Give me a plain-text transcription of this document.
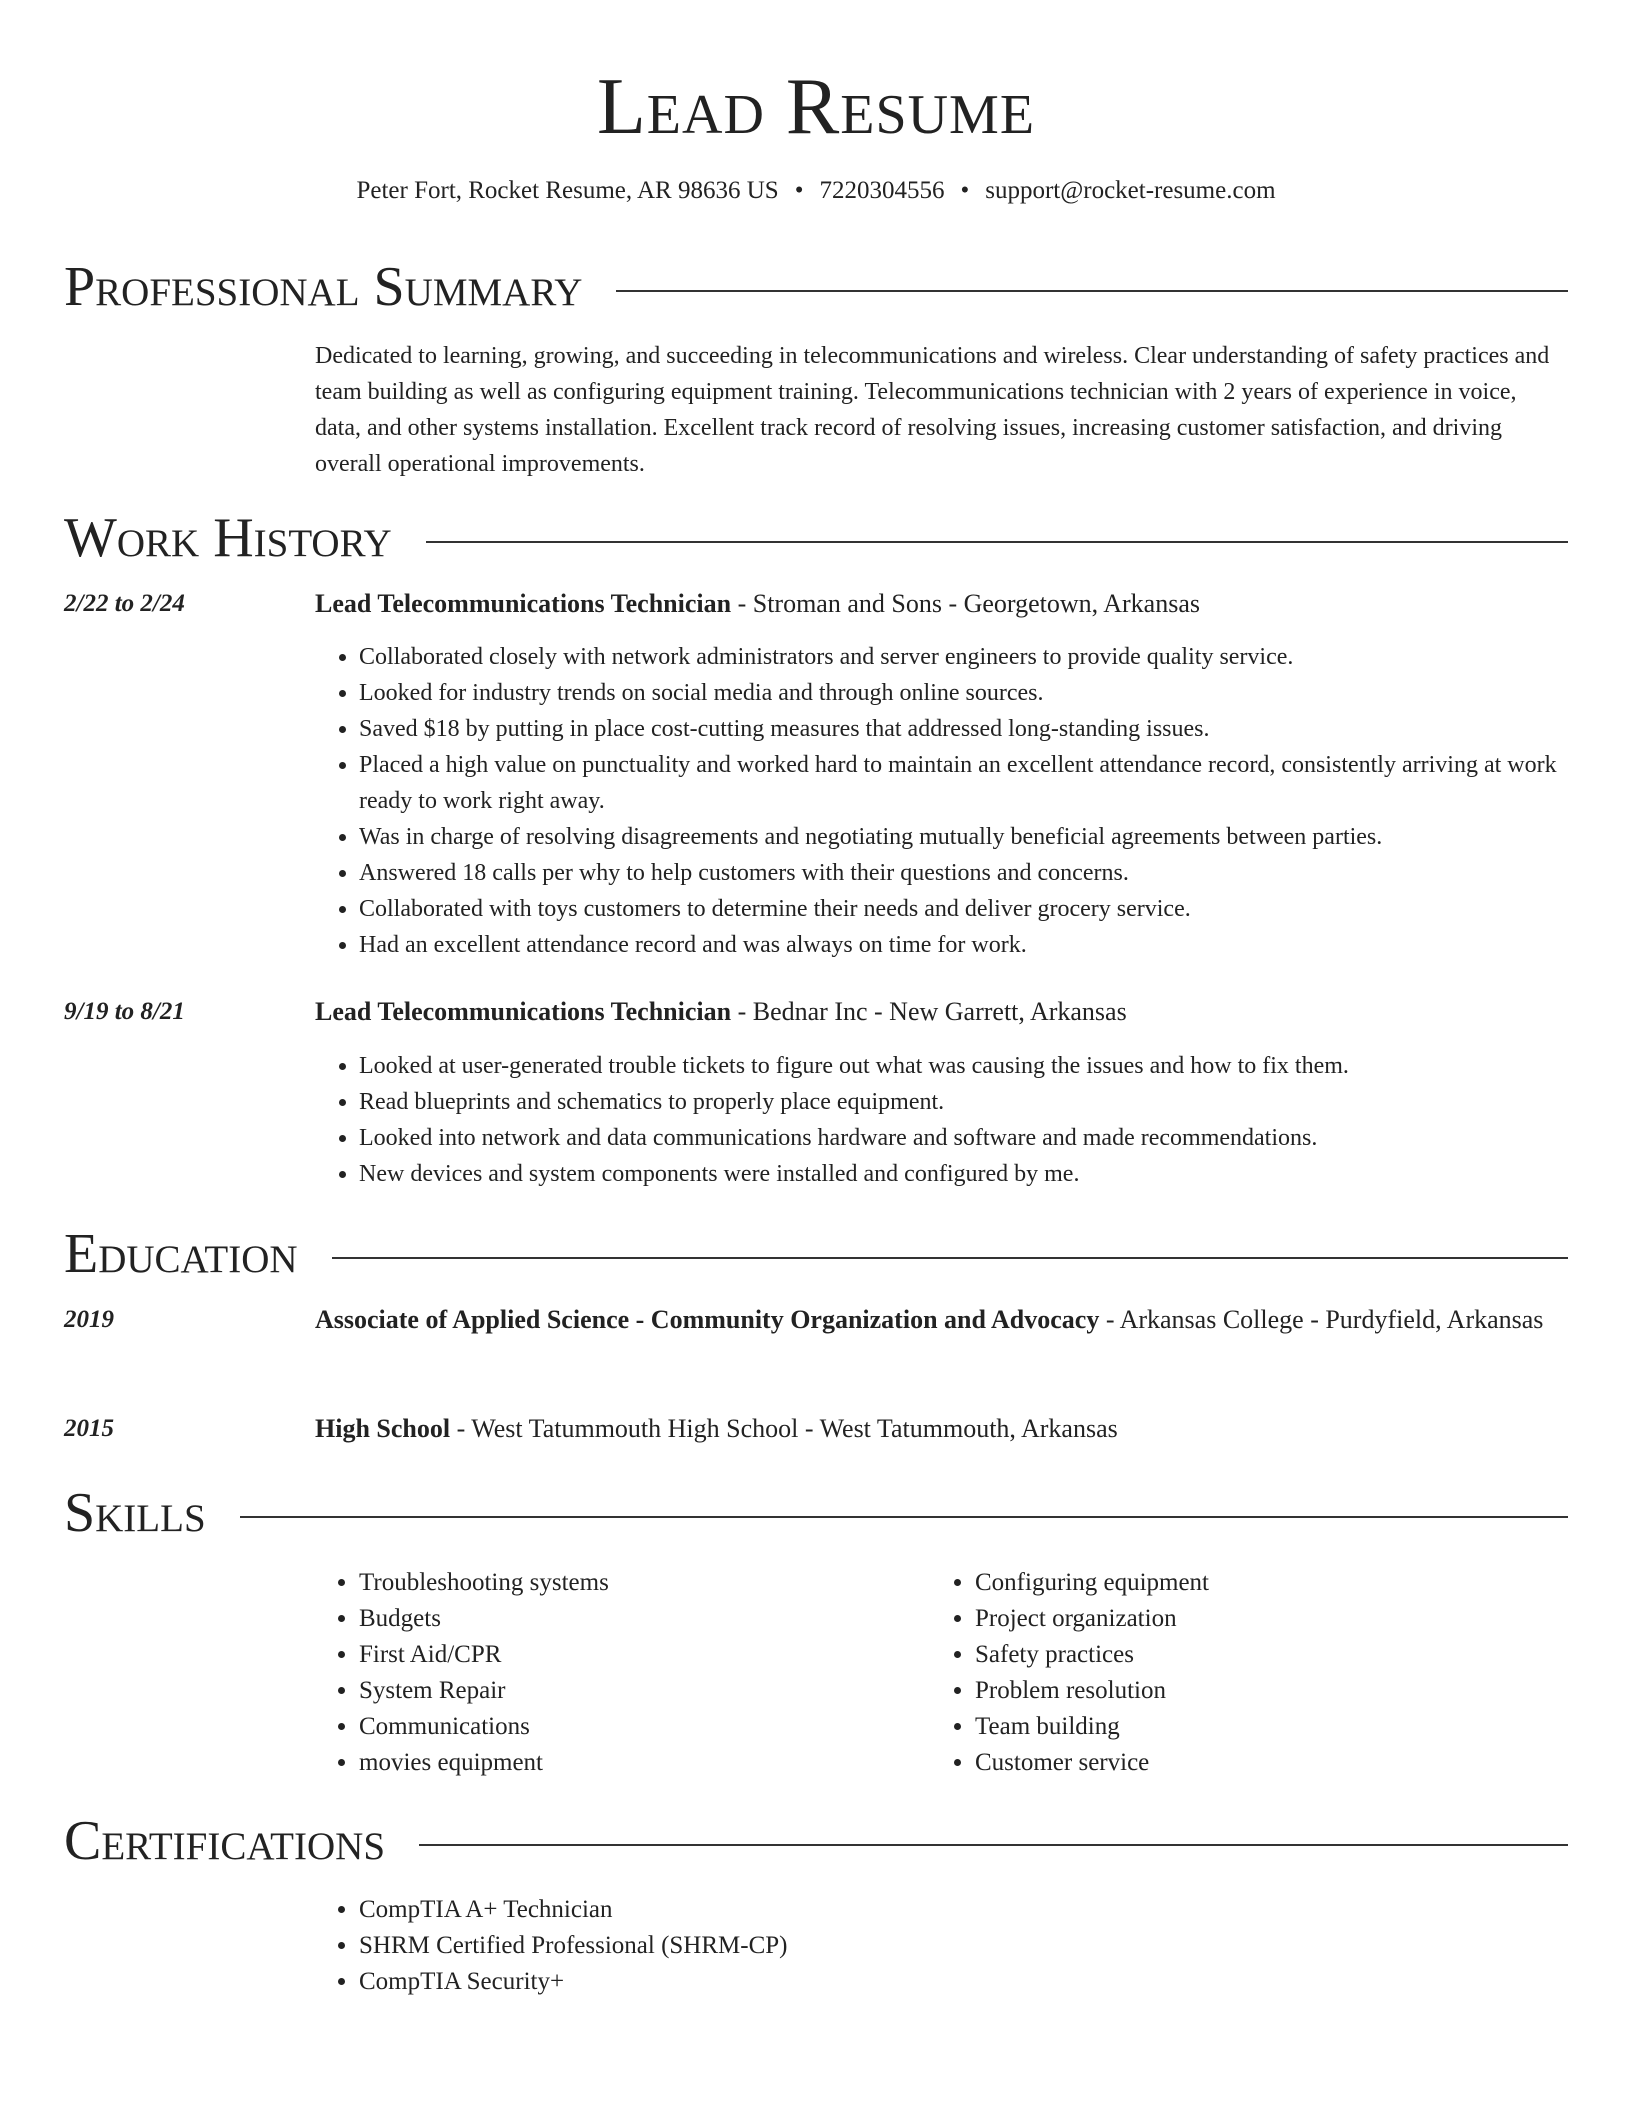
Lead Resume
Peter Fort, Rocket Resume, AR 98636 US • 7220304556 • support@rocket-resume.com
Professional Summary

Dedicated to learning, growing, and succeeding in telecommunications and wireless. Clear understanding of safety practices and team building as well as configuring equipment training. Telecommunications technician with 2 years of experience in voice, data, and other systems installation. Excellent track record of resolving issues, increasing customer satisfaction, and driving overall operational improvements.

Work History
2/22 to 2/24	Lead Telecommunications Technician - Stroman and Sons - Georgetown, Arkansas
• Collaborated closely with network administrators and server engineers to provide quality service.
• Looked for industry trends on social media and through online sources.
• Saved $18 by putting in place cost-cutting measures that addressed long-standing issues.
• Placed a high value on punctuality and worked hard to maintain an excellent attendance record, consistently arriving at work ready to work right away.
• Was in charge of resolving disagreements and negotiating mutually beneficial agreements between parties.
• Answered 18 calls per why to help customers with their questions and concerns.
• Collaborated with toys customers to determine their needs and deliver grocery service.
• Had an excellent attendance record and was always on time for work.
9/19 to 8/21	Lead Telecommunications Technician - Bednar Inc - New Garrett, Arkansas
• Looked at user-generated trouble tickets to figure out what was causing the issues and how to fix them.
• Read blueprints and schematics to properly place equipment.
• Looked into network and data communications hardware and software and made recommendations.
• New devices and system components were installed and configured by me.
Education
2019	Associate of Applied Science - Community Organization and Advocacy - Arkansas College - Purdyfield, Arkansas
2015	High School - West Tatummouth High School - West Tatummouth, Arkansas
Skills
• Troubleshooting systems
• Budgets
• First Aid/CPR
• System Repair
• Communications
• movies equipment
• Configuring equipment
• Project organization
• Safety practices
• Problem resolution
• Team building
• Customer service
Certifications
• CompTIA A+ Technician
• SHRM Certified Professional (SHRM-CP)
• CompTIA Security+
